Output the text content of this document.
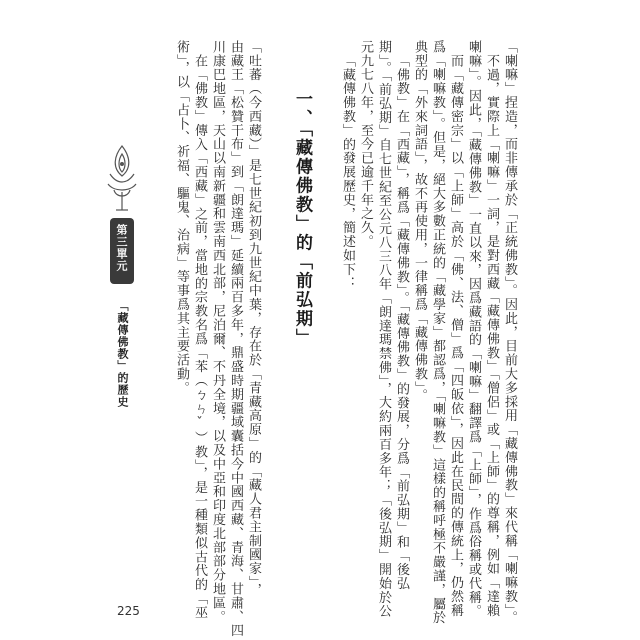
「喇嘛」捏造，而非傳承於「正統佛教」。因此，目前大多採用「藏傳佛教」來代稱「喇嘛教」。
不過，實際上「喇嘛」一詞，是對西藏「藏傳佛教」「僧侶」或「上師」的尊稱，例如「達賴
喇嘛」。因此，「藏傳佛教」一直以來，因爲藏語的「喇嘛」翻譯爲「上師」，作爲俗稱或代稱。
而「藏傳密宗」以「上師」高於「佛、法、僧」爲「四皈依」，因此在民間的傳統上，仍然稱
爲「喇嘛教」。但是，絕大多數正統的「藏學家」都認爲，「喇嘛教」這樣的稱呼極不嚴謹，屬於
典型的「外來詞語」，故不再使用，一律稱爲「藏傳佛教」。
「佛教」在「西藏」，稱爲「藏傳佛教」。「藏傳佛教」的發展，分爲「前弘期」和「後弘
期」。「前弘期」自七世紀至公元八三八年「朗達瑪禁佛」，大約兩百多年；「後弘期」開始於公
元九七八年，至今已逾千年之久。
「藏傳佛教」的發展歷史，簡述如下：
一、「藏傳佛教」的「前弘期」
「吐蕃（今西藏）」是七世紀初到九世紀中葉，存在於「青藏高原」的「藏人君主制國家」，
由藏王「松贊干布」到「朗達瑪」延續兩百多年，鼎盛時期疆域囊括今中國西藏、青海、甘肅、四
川康巴地區，天山以南新疆和雲南西北部，尼泊爾、不丹全境，以及中亞和印度北部部分地區。
在「佛教」傳入「西藏」之前，當地的宗教名爲「苯（ㄅㄣˇ）教」，是一種類似古代的「巫
術」，以「占卜、祈福、驅鬼、治病」等事爲其主要活動。
第三單元
「藏傳佛教」的歷史
225
